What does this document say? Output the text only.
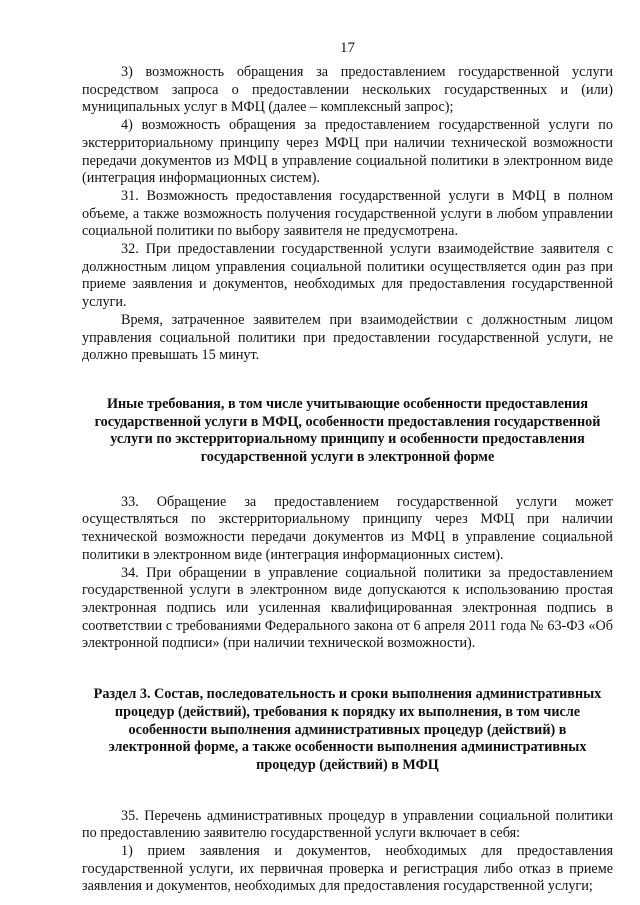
17

3) возможность обращения за предоставлением государственной услуги посредством запроса о предоставлении нескольких государственных и (или) муниципальных услуг в МФЦ (далее – комплексный запрос);

4) возможность обращения за предоставлением государственной услуги по экстерриториальному принципу через МФЦ при наличии технической возможности передачи документов из МФЦ в управление социальной политики в электронном виде (интеграция информационных систем).

31. Возможность предоставления государственной услуги в МФЦ в полном объеме, а также возможность получения государственной услуги в любом управлении социальной политики по выбору заявителя не предусмотрена.

32. При предоставлении государственной услуги взаимодействие заявителя с должностным лицом управления социальной политики осуществляется один раз при приеме заявления и документов, необходимых для предоставления государственной услуги.

Время, затраченное заявителем при взаимодействии с должностным лицом управления социальной политики при предоставлении государственной услуги, не должно превышать 15 минут.

Иные требования, в том числе учитывающие особенности предоставления государственной услуги в МФЦ, особенности предоставления государственной услуги по экстерриториальному принципу и особенности предоставления государственной услуги в электронной форме

33. Обращение за предоставлением государственной услуги может осуществляться по экстерриториальному принципу через МФЦ при наличии технической возможности передачи документов из МФЦ в управление социальной политики в электронном виде (интеграция информационных систем).

34. При обращении в управление социальной политики за предоставлением государственной услуги в электронном виде допускаются к использованию простая электронная подпись или усиленная квалифицированная электронная подпись в соответствии с требованиями Федерального закона от 6 апреля 2011 года № 63-ФЗ «Об электронной подписи» (при наличии технической возможности).

Раздел 3. Состав, последовательность и сроки выполнения административных процедур (действий), требования к порядку их выполнения, в том числе особенности выполнения административных процедур (действий) в электронной форме, а также особенности выполнения административных процедур (действий) в МФЦ

35. Перечень административных процедур в управлении социальной политики по предоставлению заявителю государственной услуги включает в себя:

1) прием заявления и документов, необходимых для предоставления государственной услуги, их первичная проверка и регистрация либо отказ в приеме заявления и документов, необходимых для предоставления государственной услуги;
